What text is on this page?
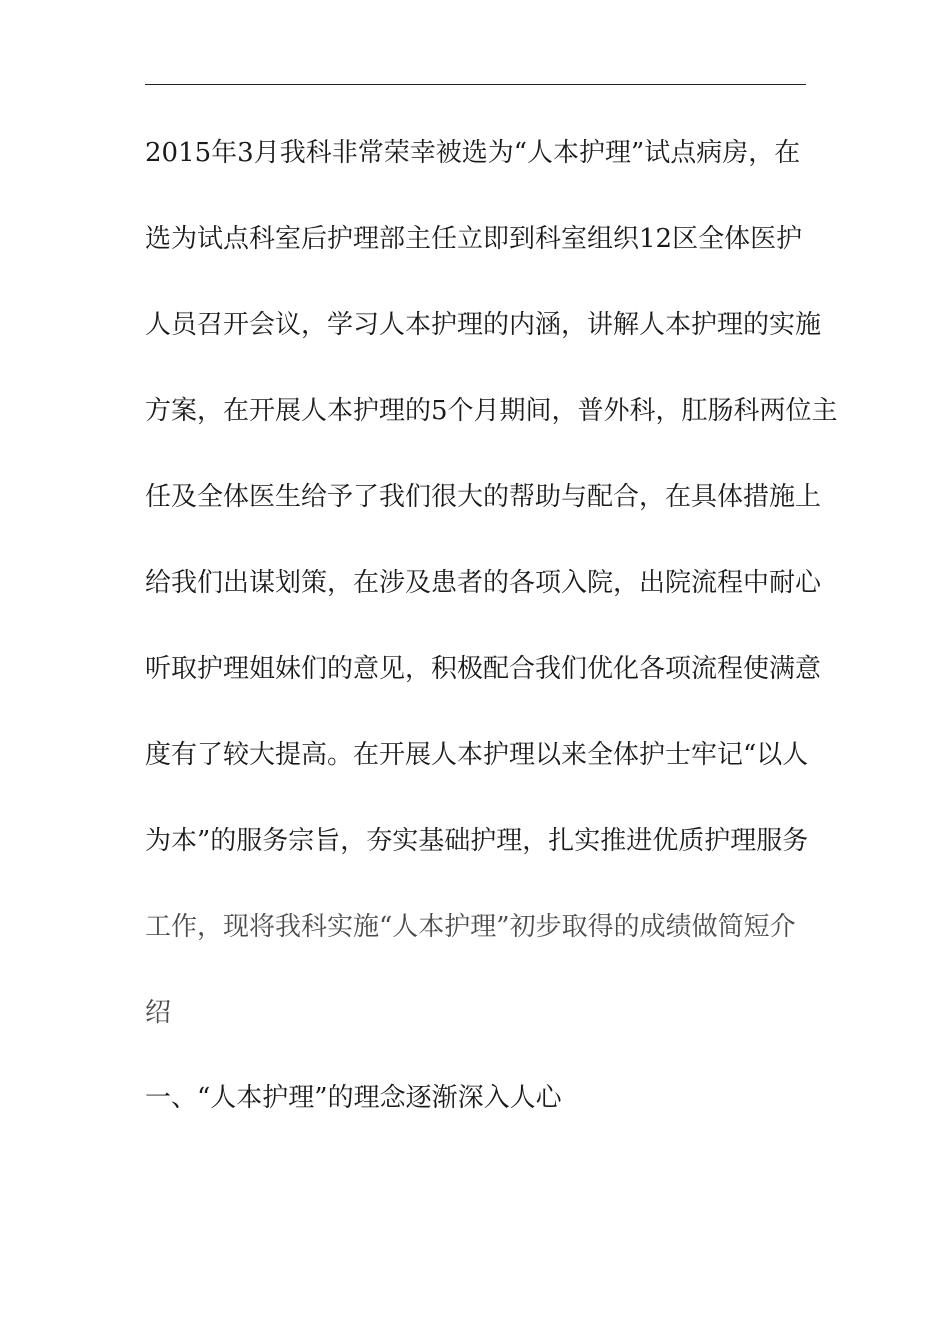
2015年3月我科非常荣幸被选为“人本护理”试点病房，在
选为试点科室后护理部主任立即到科室组织12区全体医护
人员召开会议，学习人本护理的内涵，讲解人本护理的实施
方案，在开展人本护理的5个月期间，普外科，肛肠科两位主
任及全体医生给予了我们很大的帮助与配合，在具体措施上
给我们出谋划策，在涉及患者的各项入院，出院流程中耐心
听取护理姐妹们的意见，积极配合我们优化各项流程使满意
度有了较大提高。在开展人本护理以来全体护士牢记“以人
为本”的服务宗旨，夯实基础护理，扎实推进优质护理服务
工作，现将我科实施“人本护理”初步取得的成绩做简短介
绍
一、“人本护理”的理念逐渐深入人心
